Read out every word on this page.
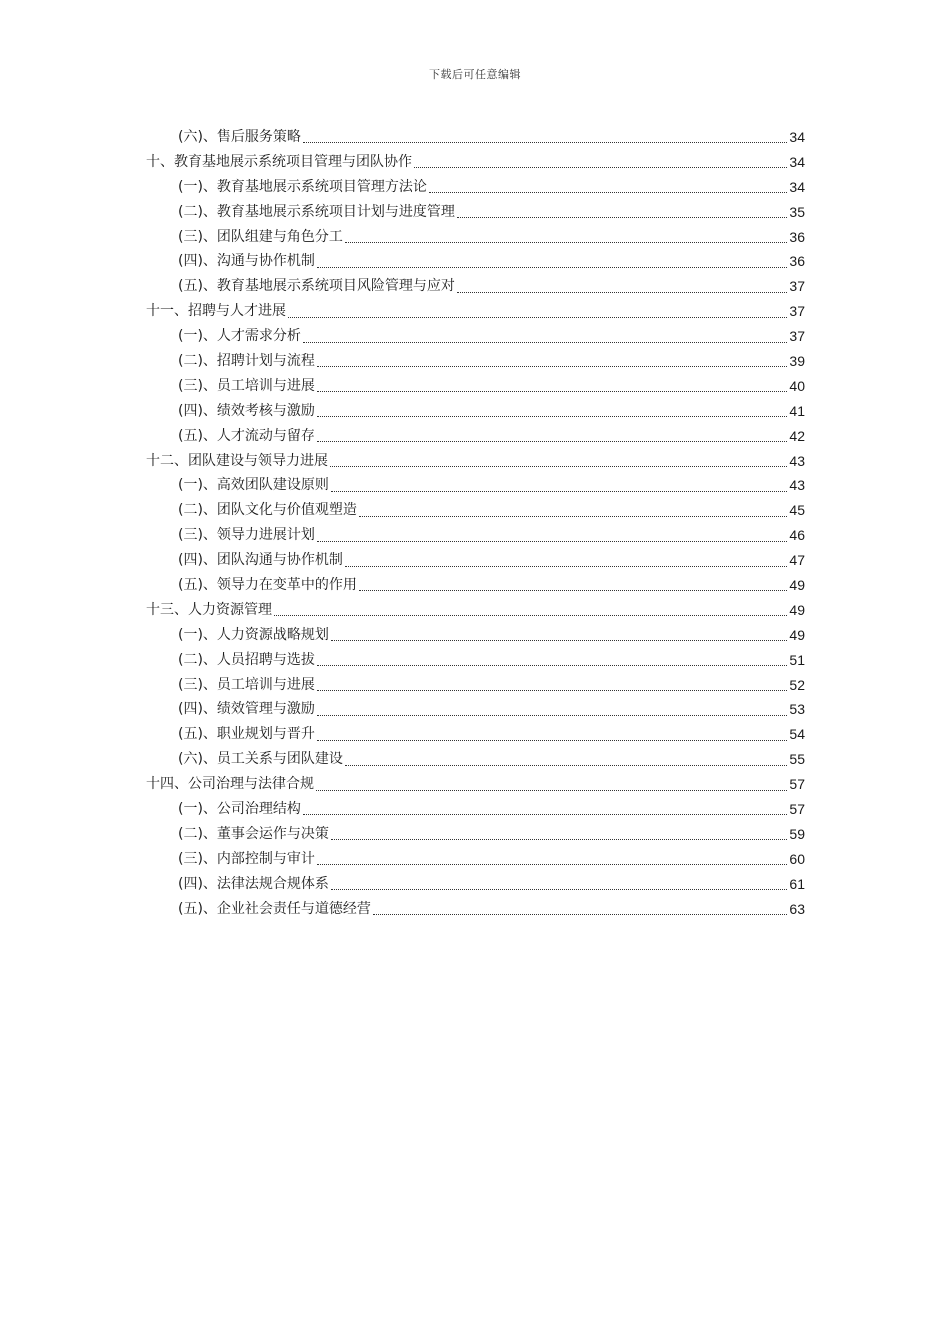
下载后可任意编辑
(六)、售后服务策略	34
十、教育基地展示系统项目管理与团队协作	34
(一)、教育基地展示系统项目管理方法论	34
(二)、教育基地展示系统项目计划与进度管理	35
(三)、团队组建与角色分工	36
(四)、沟通与协作机制	36
(五)、教育基地展示系统项目风险管理与应对	37
十一、招聘与人才进展	37
(一)、人才需求分析	37
(二)、招聘计划与流程	39
(三)、员工培训与进展	40
(四)、绩效考核与激励	41
(五)、人才流动与留存	42
十二、团队建设与领导力进展	43
(一)、高效团队建设原则	43
(二)、团队文化与价值观塑造	45
(三)、领导力进展计划	46
(四)、团队沟通与协作机制	47
(五)、领导力在变革中的作用	49
十三、人力资源管理	49
(一)、人力资源战略规划	49
(二)、人员招聘与选拔	51
(三)、员工培训与进展	52
(四)、绩效管理与激励	53
(五)、职业规划与晋升	54
(六)、员工关系与团队建设	55
十四、公司治理与法律合规	57
(一)、公司治理结构	57
(二)、董事会运作与决策	59
(三)、内部控制与审计	60
(四)、法律法规合规体系	61
(五)、企业社会责任与道德经营	63
